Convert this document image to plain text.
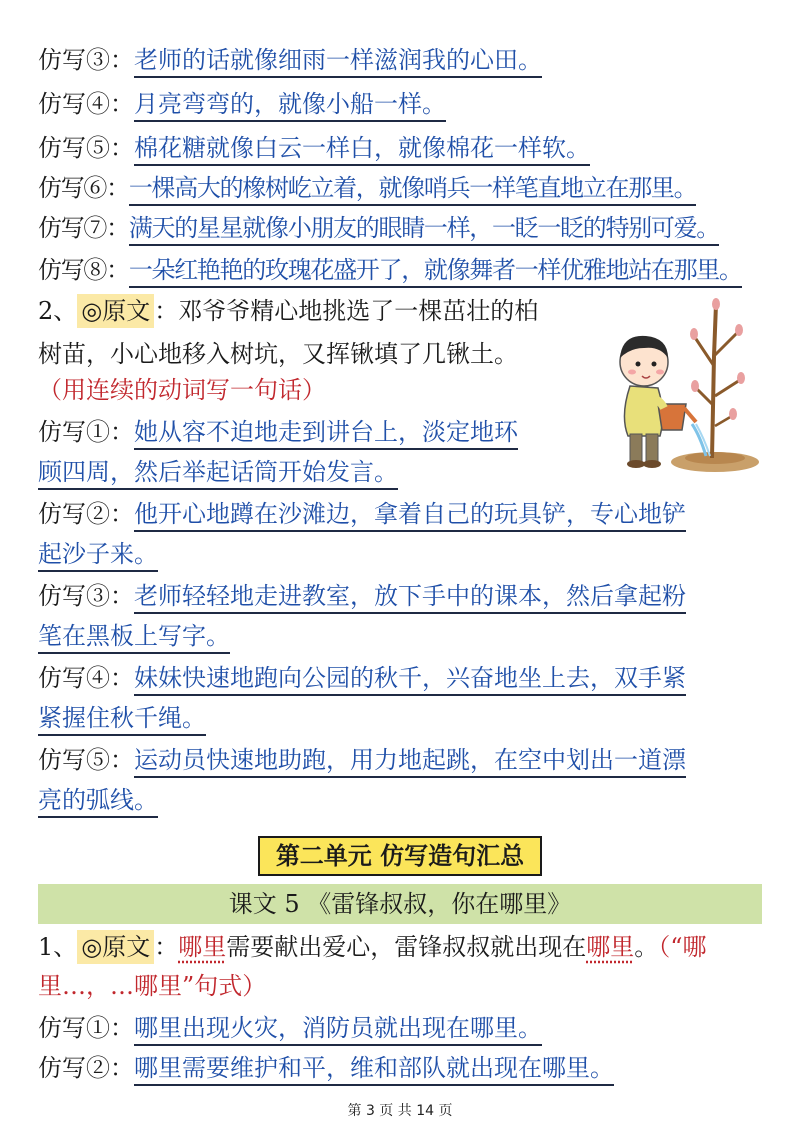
仿写③：老师的话就像细雨一样滋润我的心田。
仿写④：月亮弯弯的，就像小船一样。
仿写⑤：棉花糖就像白云一样白，就像棉花一样软。
仿写⑥：一棵高大的橡树屹立着，就像哨兵一样笔直地立在那里。
仿写⑦：满天的星星就像小朋友的眼睛一样，一眨一眨的特别可爱。
仿写⑧：一朵红艳艳的玫瑰花盛开了，就像舞者一样优雅地站在那里。
2、 ◎原文 ：邓爷爷精心地挑选了一棵茁壮的柏
树苗，小心地移入树坑，又挥锹填了几锹土。
（用连续的动词写一句话）
仿写①：她从容不迫地走到讲台上，淡定地环
顾四周，然后举起话筒开始发言。
仿写②：他开心地蹲在沙滩边，拿着自己的玩具铲，专心地铲
起沙子来。
仿写③：老师轻轻地走进教室，放下手中的课本，然后拿起粉
笔在黑板上写字。
仿写④：妹妹快速地跑向公园的秋千，兴奋地坐上去，双手紧
紧握住秋千绳。
仿写⑤：运动员快速地助跑，用力地起跳，在空中划出一道漂
亮的弧线。
第二单元 仿写造句汇总
课文 5 《雷锋叔叔，你在哪里》
1、 ◎原文 ：哪里需要献出爱心，雷锋叔叔就出现在哪里。（“哪
里…，…哪里”句式）
仿写①：哪里出现火灾，消防员就出现在哪里。
仿写②：哪里需要维护和平，维和部队就出现在哪里。
第 3 页 共 14 页
